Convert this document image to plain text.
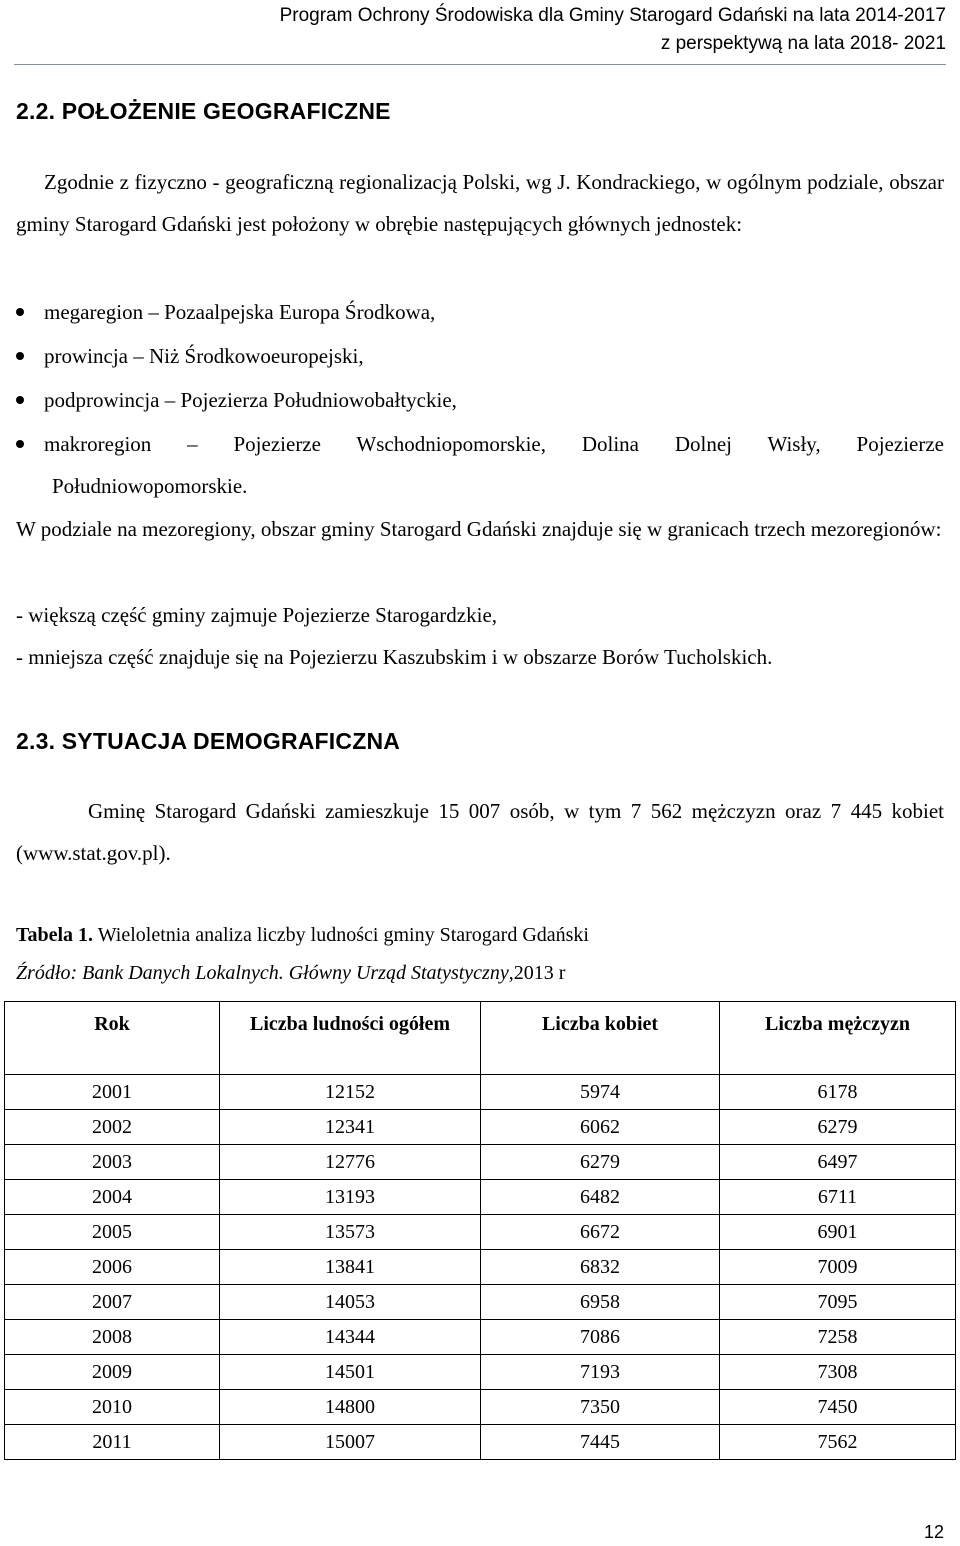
Program Ochrony Środowiska dla Gminy Starogard Gdański na lata 2014-2017
z perspektywą na lata 2018- 2021
2.2. POŁOŻENIE GEOGRAFICZNE

Zgodnie z fizyczno - geograficzną regionalizacją Polski, wg J. Kondrackiego, w ogólnym podziale, obszar gminy Starogard Gdański jest położony w obrębie następujących głównych jednostek:

megaregion – Pozaalpejska Europa Środkowa,
prowincja – Niż Środkowoeuropejski,
podprowincja – Pojezierza Południowobałtyckie,
makroregion – Pojezierze Wschodniopomorskie, Dolina Dolnej Wisły, Pojezierze
Południowopomorskie.

W podziale na mezoregiony, obszar gminy Starogard Gdański znajduje się w granicach trzech mezoregionów:

- większą część gminy zajmuje Pojezierze Starogardzkie,

- mniejsza część znajduje się na Pojezierzu Kaszubskim i w obszarze Borów Tucholskich.

2.3. SYTUACJA DEMOGRAFICZNA

Gminę Starogard Gdański zamieszkuje 15 007 osób, w tym 7 562 mężczyzn oraz 7 445 kobiet (www.stat.gov.pl).

Tabela 1. Wieloletnia analiza liczby ludności gminy Starogard Gdański

Źródło: Bank Danych Lokalnych. Główny Urząd Statystyczny,2013 r

Rok	Liczba ludności ogółem	Liczba kobiet	Liczba mężczyzn
2001	12152	5974	6178
2002	12341	6062	6279
2003	12776	6279	6497
2004	13193	6482	6711
2005	13573	6672	6901
2006	13841	6832	7009
2007	14053	6958	7095
2008	14344	7086	7258
2009	14501	7193	7308
2010	14800	7350	7450
2011	15007	7445	7562
12
